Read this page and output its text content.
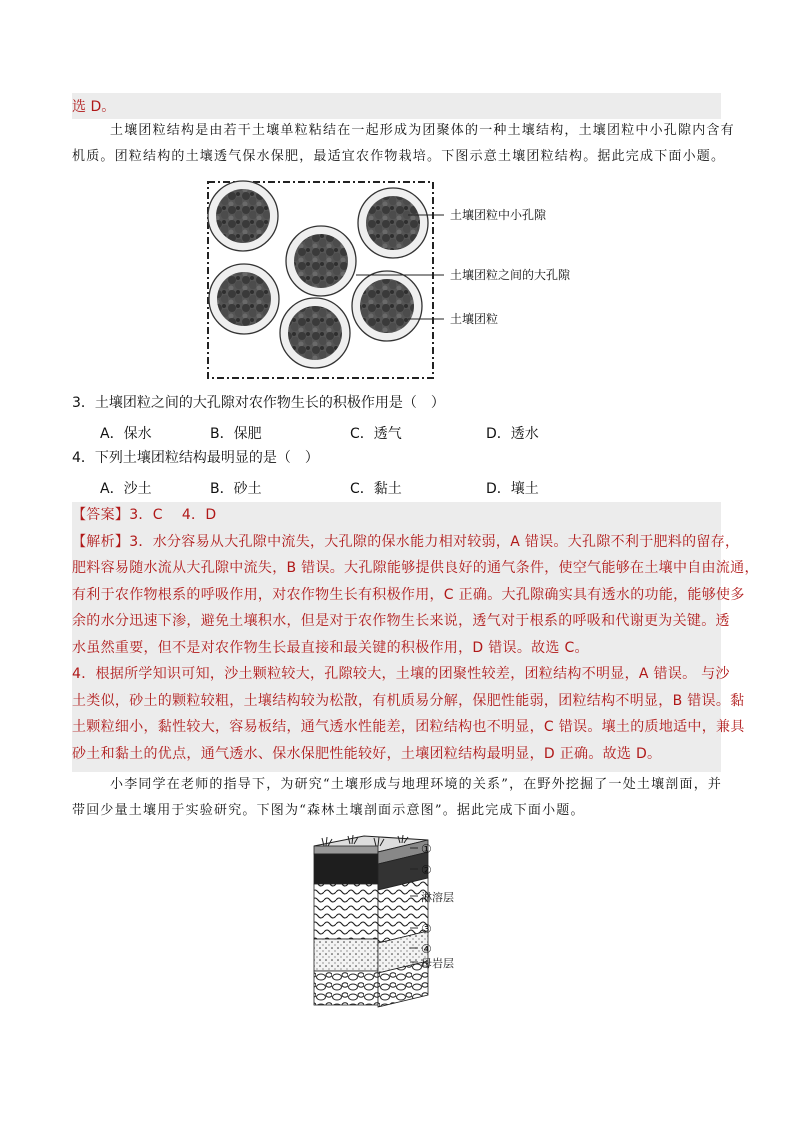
选 D。
土壤团粒结构是由若干土壤单粒粘结在一起形成为团聚体的一种土壤结构，土壤团粒中小孔隙内含有
机质。团粒结构的土壤透气保水保肥，最适宜农作物栽培。下图示意土壤团粒结构。据此完成下面小题。
土壤团粒中小孔隙
土壤团粒之间的大孔隙
土壤团粒
3．土壤团粒之间的大孔隙对农作物生长的积极作用是（　）
A．保水	B．保肥	C．透气	D．透水
4．下列土壤团粒结构最明显的是（　）
A．沙土	B．砂土	C．黏土	D．壤土
【答案】3．C　 4．D
【解析】3．水分容易从大孔隙中流失，大孔隙的保水能力相对较弱，A 错误。大孔隙不利于肥料的留存，
肥料容易随水流从大孔隙中流失，B 错误。大孔隙能够提供良好的通气条件，使空气能够在土壤中自由流通，
有利于农作物根系的呼吸作用，对农作物生长有积极作用，C 正确。大孔隙确实具有透水的功能，能够使多
余的水分迅速下渗，避免土壤积水，但是对于农作物生长来说，透气对于根系的呼吸和代谢更为关键。透
水虽然重要，但不是对农作物生长最直接和最关键的积极作用，D 错误。故选 C。
4．根据所学知识可知，沙土颗粒较大，孔隙较大，土壤的团聚性较差，团粒结构不明显，A 错误。 与沙
土类似，砂土的颗粒较粗，土壤结构较为松散，有机质易分解，保肥性能弱，团粒结构不明显，B 错误。黏
土颗粒细小，黏性较大，容易板结，通气透水性能差，团粒结构也不明显，C 错误。壤土的质地适中，兼具
砂土和黏土的优点，通气透水、保水保肥性能较好，土壤团粒结构最明显，D 正确。故选 D。
小李同学在老师的指导下，为研究“土壤形成与地理环境的关系”，在野外挖掘了一处土壤剖面，并
带回少量土壤用于实验研究。下图为“森林土壤剖面示意图”。据此完成下面小题。
①
②
淋溶层
③
④
母岩层
